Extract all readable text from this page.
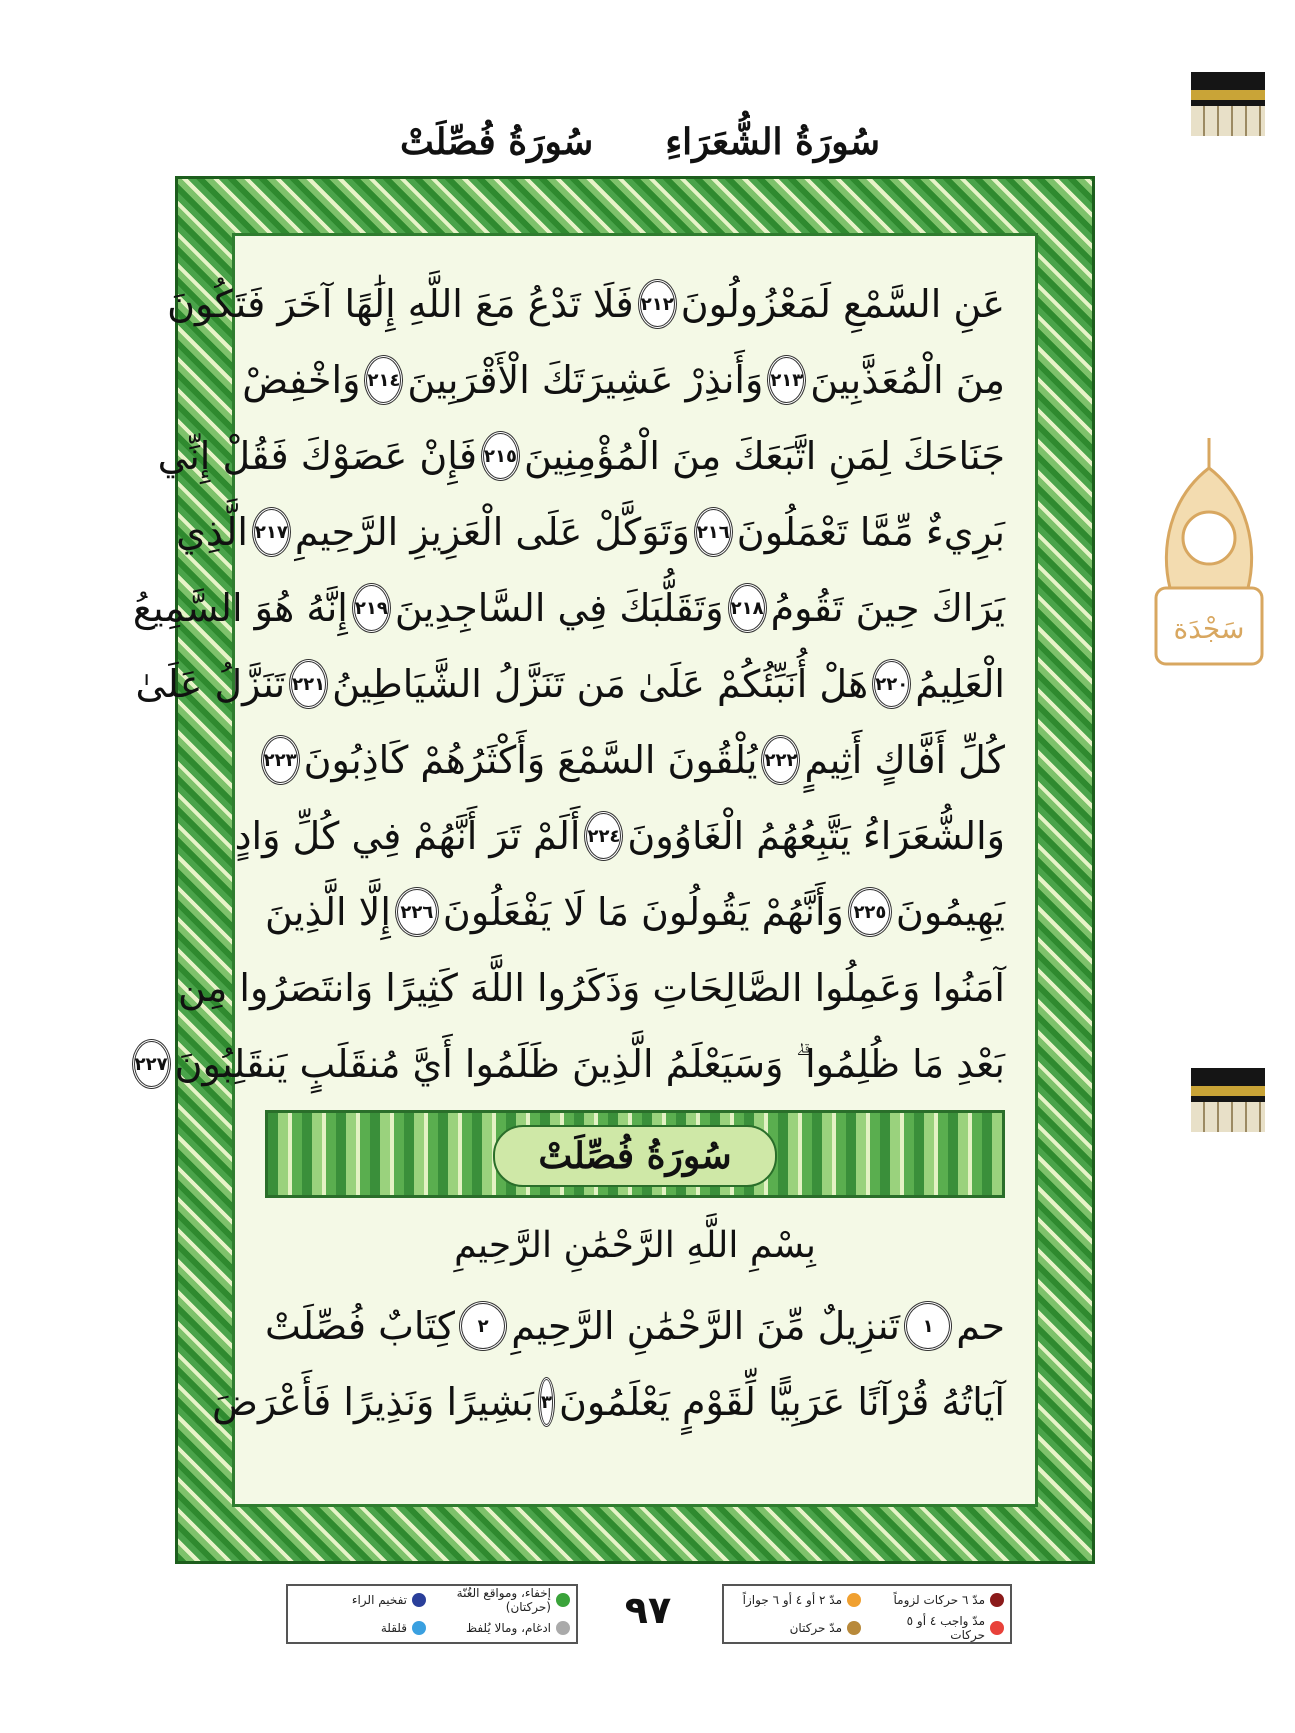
سُورَةُ الشُّعَرَاءِ
سُورَةُ فُصِّلَتْ
سَجْدَة
عَنِ السَّمْعِ لَمَعْزُولُونَ
٢١٢
فَلَا تَدْعُ مَعَ اللَّهِ إِلَٰهًا آخَرَ فَتَكُونَ
مِنَ الْمُعَذَّبِينَ
٢١٣
وَأَنذِرْ عَشِيرَتَكَ الْأَقْرَبِينَ
٢١٤
وَاخْفِضْ
جَنَاحَكَ لِمَنِ اتَّبَعَكَ مِنَ الْمُؤْمِنِينَ
٢١٥
فَإِنْ عَصَوْكَ فَقُلْ إِنِّي
بَرِيءٌ مِّمَّا تَعْمَلُونَ
٢١٦
وَتَوَكَّلْ عَلَى الْعَزِيزِ الرَّحِيمِ
٢١٧
الَّذِي
يَرَاكَ حِينَ تَقُومُ
٢١٨
وَتَقَلُّبَكَ فِي السَّاجِدِينَ
٢١٩
إِنَّهُ هُوَ السَّمِيعُ
الْعَلِيمُ
٢٢٠
هَلْ أُنَبِّئُكُمْ عَلَىٰ مَن تَنَزَّلُ الشَّيَاطِينُ
٢٢١
تَنَزَّلُ عَلَىٰ
كُلِّ أَفَّاكٍ أَثِيمٍ
٢٢٢
يُلْقُونَ السَّمْعَ وَأَكْثَرُهُمْ كَاذِبُونَ
٢٢٣
وَالشُّعَرَاءُ يَتَّبِعُهُمُ الْغَاوُونَ
٢٢٤
أَلَمْ تَرَ أَنَّهُمْ فِي كُلِّ وَادٍ
يَهِيمُونَ
٢٢٥
وَأَنَّهُمْ يَقُولُونَ مَا لَا يَفْعَلُونَ
٢٢٦
إِلَّا الَّذِينَ
آمَنُوا وَعَمِلُوا الصَّالِحَاتِ وَذَكَرُوا اللَّهَ كَثِيرًا وَانتَصَرُوا مِن
بَعْدِ مَا ظُلِمُوا ۗ وَسَيَعْلَمُ الَّذِينَ ظَلَمُوا أَيَّ مُنقَلَبٍ يَنقَلِبُونَ
٢٢٧
سُورَةُ فُصِّلَتْ
بِسْمِ اللَّهِ الرَّحْمَٰنِ الرَّحِيمِ
حم
١
تَنزِيلٌ مِّنَ الرَّحْمَٰنِ الرَّحِيمِ
٢
كِتَابٌ فُصِّلَتْ
آيَاتُهُ قُرْآنًا عَرَبِيًّا لِّقَوْمٍ يَعْلَمُونَ
٣
بَشِيرًا وَنَذِيرًا فَأَعْرَضَ
مدّ ٦ حركات لزوماً
مدّ ٢ أو ٤ أو ٦ جوازاً
مدّ واجب ٤ أو ٥ حركات
مدّ حركتان
٩٧
إخفاء، ومواقع الغُنّة (حركتان)
تفخيم الراء
ادغام، ومالا يُلفظ
قلقلة
